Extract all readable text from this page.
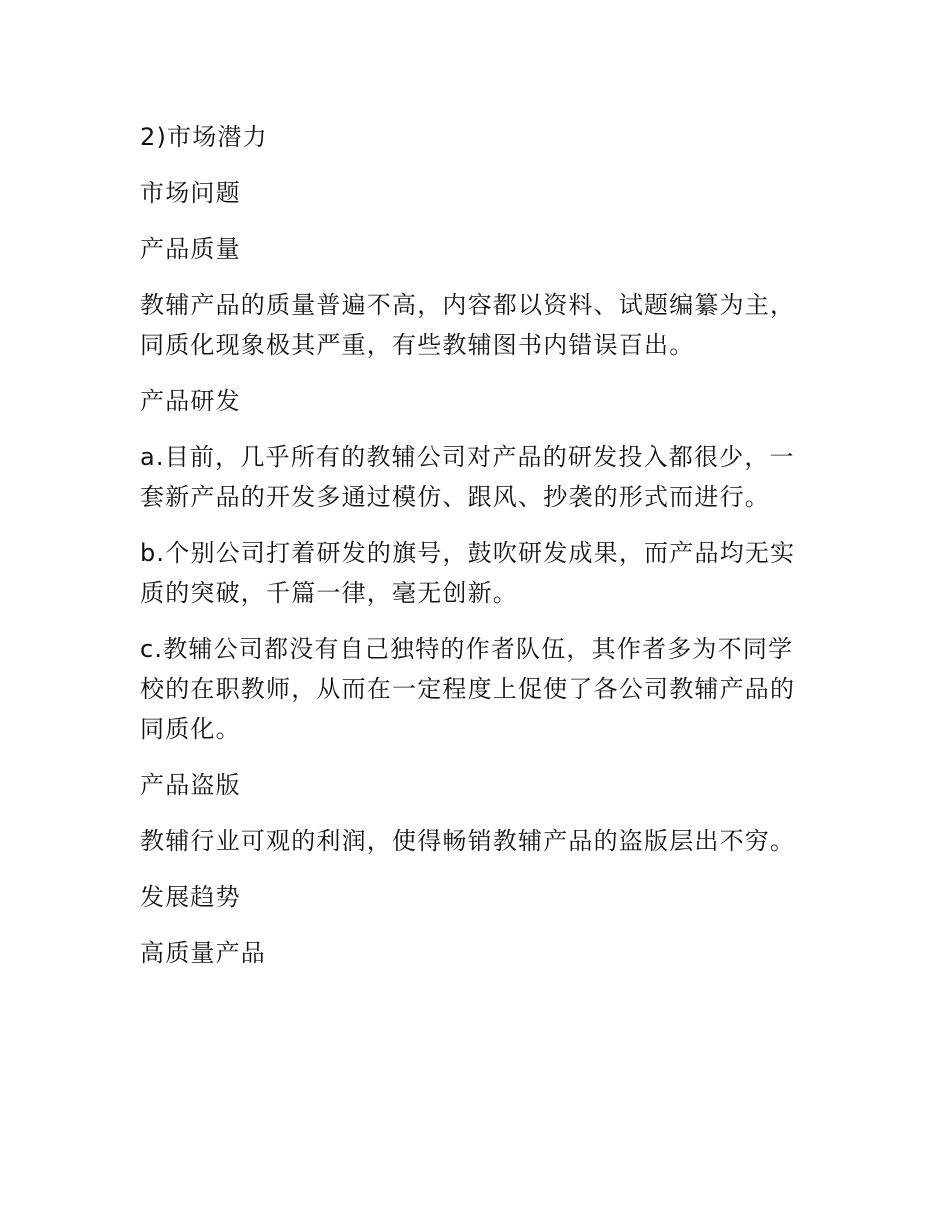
2)市场潜力

市场问题

产品质量

教辅产品的质量普遍不高，内容都以资料、试题编纂为主，同质化现象极其严重，有些教辅图书内错误百出。

产品研发

a.目前，几乎所有的教辅公司对产品的研发投入都很少，一套新产品的开发多通过模仿、跟风、抄袭的形式而进行。

b.个别公司打着研发的旗号，鼓吹研发成果，而产品均无实质的突破，千篇一律，毫无创新。

c.教辅公司都没有自己独特的作者队伍，其作者多为不同学校的在职教师，从而在一定程度上促使了各公司教辅产品的同质化。

产品盗版

教辅行业可观的利润，使得畅销教辅产品的盗版层出不穷。

发展趋势

高质量产品
